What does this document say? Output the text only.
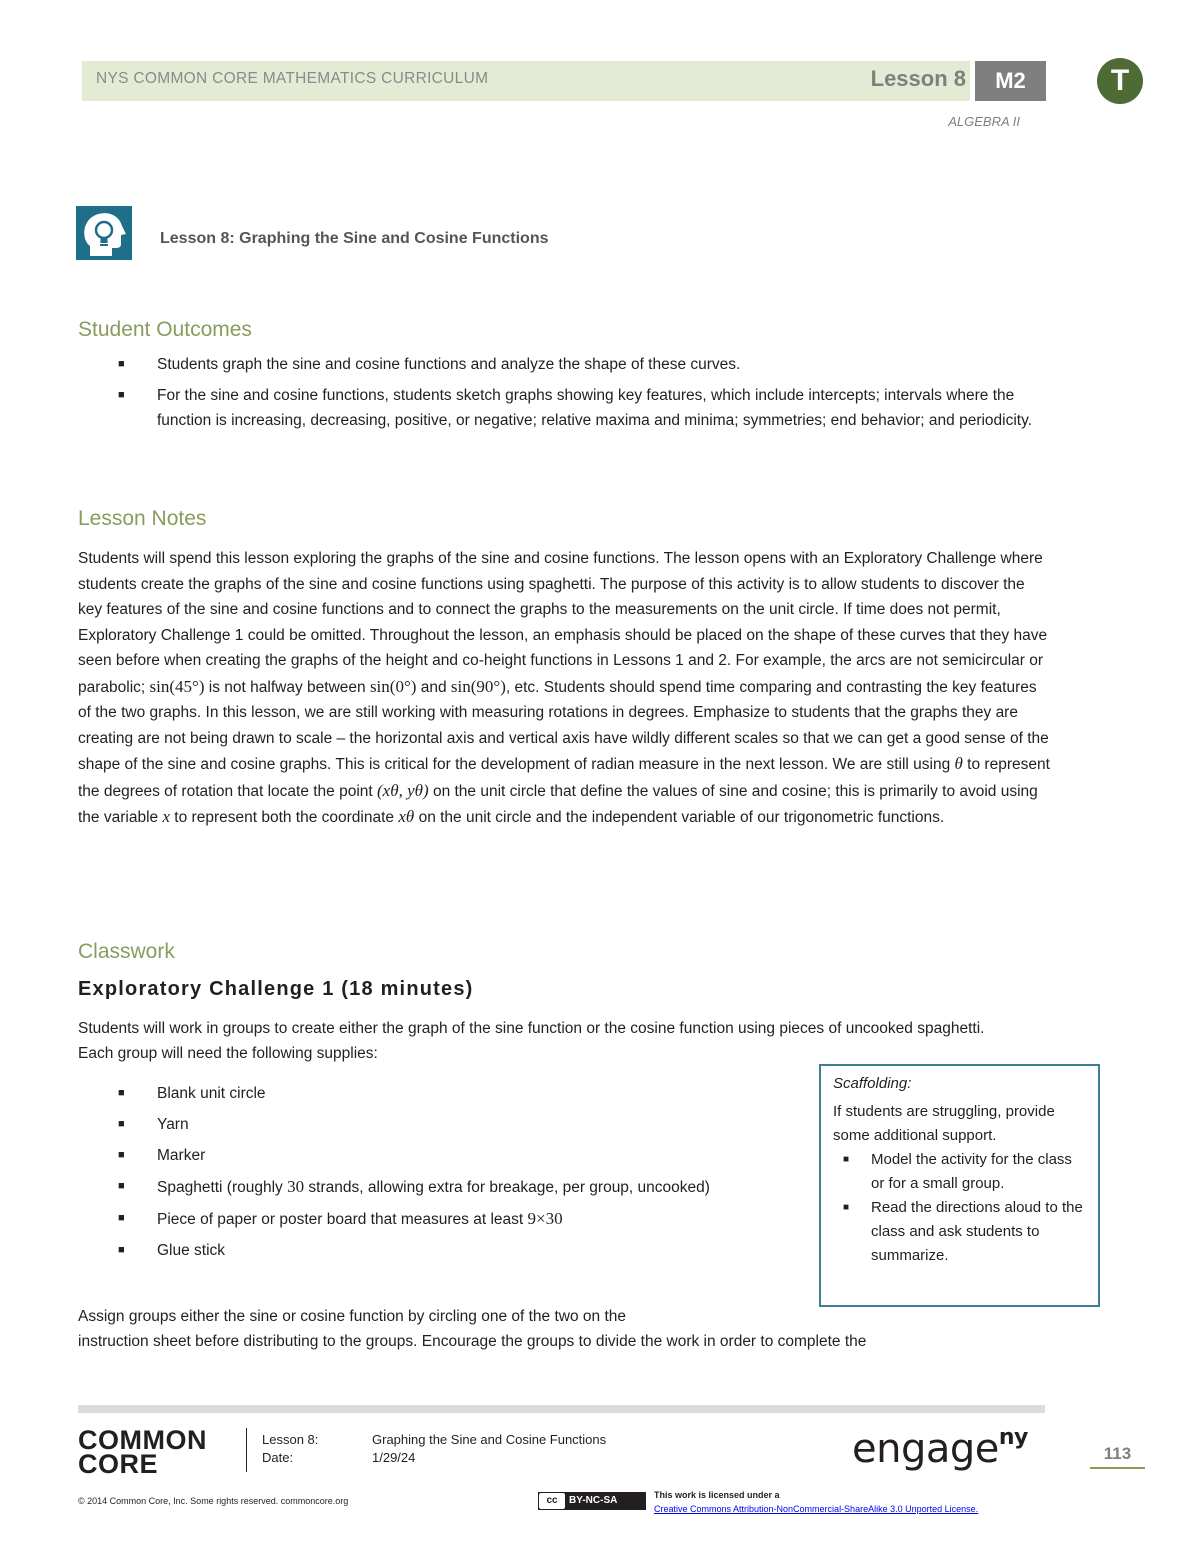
NYS COMMON CORE MATHEMATICS CURRICULUM	Lesson 8	M2	T
ALGEBRA II
Lesson 8: Graphing the Sine and Cosine Functions
Student Outcomes
■ Students graph the sine and cosine functions and analyze the shape of these curves.
■ For the sine and cosine functions, students sketch graphs showing key features, which include intercepts; intervals where the function is increasing, decreasing, positive, or negative; relative maxima and minima; symmetries; end behavior; and periodicity.
Lesson Notes
Students will spend this lesson exploring the graphs of the sine and cosine functions. The lesson opens with an Exploratory Challenge where students create the graphs of the sine and cosine functions using spaghetti. The purpose of this activity is to allow students to discover the key features of the sine and cosine functions and to connect the graphs to the measurements on the unit circle. If time does not permit, Exploratory Challenge 1 could be omitted. Throughout the lesson, an emphasis should be placed on the shape of these curves that they have seen before when creating the graphs of the height and co-height functions in Lessons 1 and 2. For example, the arcs are not semicircular or parabolic; sin(45°) is not halfway between sin(0°) and sin(90°), etc. Students should spend time comparing and contrasting the key features of the two graphs. In this lesson, we are still working with measuring rotations in degrees. Emphasize to students that the graphs they are creating are not being drawn to scale – the horizontal axis and vertical axis have wildly different scales so that we can get a good sense of the shape of the sine and cosine graphs. This is critical for the development of radian measure in the next lesson. We are still using θ to represent the degrees of rotation that locate the point (xθ, yθ) on the unit circle that define the values of sine and cosine; this is primarily to avoid using the variable x to represent both the coordinate xθ on the unit circle and the independent variable of our trigonometric functions.
Classwork
Exploratory Challenge 1 (18 minutes)
Students will work in groups to create either the graph of the sine function or the cosine function using pieces of uncooked spaghetti. Each group will need the following supplies:
■ Blank unit circle
■ Yarn
■ Marker
■ Spaghetti (roughly 30 strands, allowing extra for breakage, per group, uncooked)
■ Piece of paper or poster board that measures at least 9×30
■ Glue stick
Assign groups either the sine or cosine function by circling one of the two on the
instruction sheet before distributing to the groups. Encourage the groups to divide the work in order to complete the
Scaffolding:
If students are struggling, provide some additional support.
■ Model the activity for the class or for a small group.
■ Read the directions aloud to the class and ask students to summarize.
COMMON
CORE
Lesson 8:	Graphing the Sine and Cosine Functions
Date:	1/29/24	engage$^{ny}$
113
© 2014 Common Core, Inc. Some rights reserved. commoncore.org	cc BY-NC-SA	This work is licensed under a
Creative Commons Attribution-NonCommercial-ShareAlike 3.0 Unported License.
